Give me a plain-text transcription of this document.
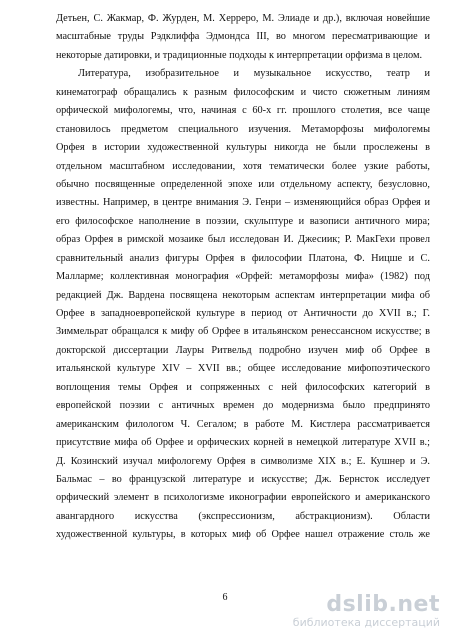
Детьен, С. Жакмар, Ф. Журден, М. Херреро, М. Элиаде и др.), включая новейшие
масштабные труды Рэдклиффа Эдмондса III, во многом пересматривающие и
некоторые датировки, и традиционные подходы к интерпретации орфизма в целом.
Литература, изобразительное и музыкальное искусство, театр и
кинематограф обращались к разным философским и чисто сюжетным линиям
орфической мифологемы, что, начиная с 60-х гг. прошлого столетия, все чаще
становилось предметом специального изучения. Метаморфозы мифологемы
Орфея в истории художественной культуры никогда не были прослежены в
отдельном масштабном исследовании, хотя тематически более узкие работы,
обычно посвященные определенной эпохе или отдельному аспекту, безусловно,
известны. Например, в центре внимания Э. Генри – изменяющийся образ Орфея и
его философское наполнение в поэзии, скульптуре и вазописи античного мира;
образ Орфея в римской мозаике был исследован И. Джесиик; Р. МакГехи провел
сравнительный анализ фигуры Орфея в философии Платона, Ф. Ницше и С.
Малларме; коллективная монография «Орфей: метаморфозы мифа» (1982) под
редакцией Дж. Вардена посвящена некоторым аспектам интерпретации мифа об
Орфее в западноевропейской культуре в период от Античности до XVII в.; Г.
Зиммельрат обращался к мифу об Орфее в итальянском ренессансном искусстве; в
докторской диссертации Лауры Ритвельд подробно изучен миф об Орфее в
итальянской культуре XIV – XVII вв.; общее исследование мифопоэтического
воплощения темы Орфея и сопряженных с ней философских категорий в
европейской поэзии с античных времен до модернизма было предпринято
американским филологом Ч. Сегалом; в работе М. Кистлера рассматривается
присутствие мифа об Орфее и орфических корней в немецкой литературе XVII в.;
Д. Козинский изучал мифологему Орфея в символизме XIX в.; Е. Кушнер и Э.
Бальмас – во французской литературе и искусстве; Дж. Бернсток исследует
орфический элемент в психологизме иконографии европейского и американского
авангардного искусства (экспрессионизм, абстракционизм). Области
художественной культуры, в которых миф об Орфее нашел отражение столь же
6	dslib.net
библиотека диссертаций
